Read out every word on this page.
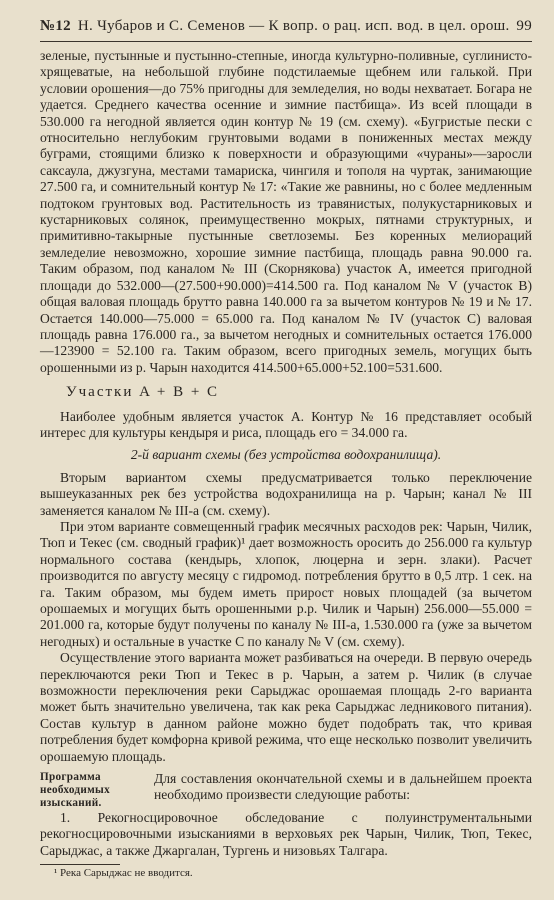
№12 Н. Чубаров и С. Семенов — К вопр. о рац. исп. вод. в цел. орош. 99

зеленые, пустынные и пустынно-степные, иногда культурно-поливные, суглинисто-хрящеватые, на небольшой глубине подстилаемые щебнем или галькой. При условии орошения—до 75% пригодны для земледелия, но воды нехватает. Богара не удается. Среднего качества осенние и зимние пастбища». Из всей площади в 530.000 га негодной является один контур № 19 (см. схему). «Бугристые пески с относительно неглубоким грунтовыми водами в пониженных местах между буграми, стоящими близко к поверхности и образующими «чураны»—заросли саксаула, джузгуна, местами тамариска, чингиля и тополя на чуртак, занимающие 27.500 га, и сомнительный контур № 17: «Такие же равнины, но с более медленным подтоком грунтовых вод. Растительность из травянистых, полукустарниковых и кустарниковых солянок, преимущественно мокрых, пятнами структурных, и примитивно-такырные пустынные светлоземы. Без коренных мелиораций земледелие невозможно, хорошие зимние пастбища, площадь равна 90.000 га. Таким образом, под каналом № III (Скорнякова) участок А, имеется пригодной площади до 532.000—(27.500+90.000)=414.500 га. Под каналом № V (участок В) общая валовая площадь брутто равна 140.000 га за вычетом контуров № 19 и № 17. Остается 140.000—75.000 = 65.000 га. Под каналом № IV (участок С) валовая площадь равна 176.000 га., за вычетом негодных и сомнительных остается 176.000—123900 = 52.100 га. Таким образом, всего пригодных земель, могущих быть орошенными из р. Чарын находится 414.500+65.000+52.100=531.600.

Участки A + B + C

Наиболее удобным является участок А. Контур № 16 представляет особый интерес для культуры кендыря и риса, площадь его = 34.000 га.

2-й вариант схемы (без устройства водохранилища).

Вторым вариантом схемы предусматривается только переключение вышеуказанных рек без устройства водохранилища на р. Чарын; канал № III заменяется каналом № III-а (см. схему).

При этом варианте совмещенный график месячных расходов рек: Чарын, Чилик, Тюп и Текес (см. сводный график)¹ дает возможность оросить до 256.000 га культур нормального состава (кендырь, хлопок, люцерна и зерн. злаки). Расчет производится по августу месяцу с гидромод. потребления брутто в 0,5 лтр. 1 сек. на га. Таким образом, мы будем иметь прирост новых площадей (за вычетом орошаемых и могущих быть орошенными р.р. Чилик и Чарын) 256.000—55.000 = 201.000 га, которые будут получены по каналу № III-а, 1.530.000 га (уже за вычетом негодных) и остальные в участке С по каналу № V (см. схему).

Осуществление этого варианта может разбиваться на очереди. В первую очередь переключаются реки Тюп и Текес в р. Чарын, а затем р. Чилик (в случае возможности переключения реки Сарыджас орошаемая площадь 2-го варианта может быть значительно увеличена, так как река Сарыджас ледникового питания). Состав культур в данном районе можно будет подобрать так, что кривая потребления будет комфорна кривой режима, что еще несколько позволит увеличить орошаемую площадь.

Программа необходимых изысканий.

Для составления окончательной схемы и в дальнейшем проекта необходимо произвести следующие работы:

1. Рекогносцировочное обследование с полуинструментальными рекогносцировочными изысканиями в верховьях рек Чарын, Чилик, Тюп, Текес, Сарыджас, а также Джаргалан, Тургень и низовьях Талгара.

¹ Река Сарыджас не вводится.
